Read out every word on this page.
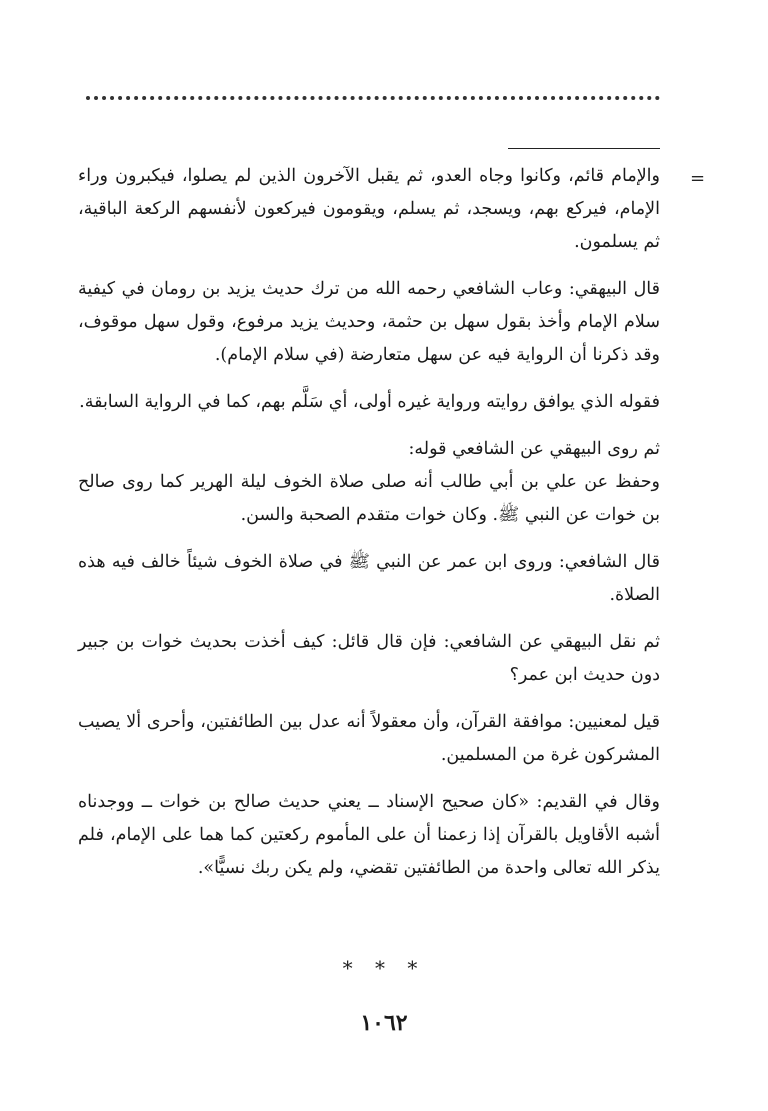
=

والإمام قائم، وكانوا وجاه العدو، ثم يقبل الآخرون الذين لم يصلوا، فيكبرون وراء الإمام، فيركع بهم، ويسجد، ثم يسلم، ويقومون فيركعون لأنفسهم الركعة الباقية، ثم يسلمون.

قال البيهقي: وعاب الشافعي رحمه الله من ترك حديث يزيد بن رومان في كيفية سلام الإمام وأخذ بقول سهل بن حثمة، وحديث يزيد مرفوع، وقول سهل موقوف، وقد ذكرنا أن الرواية فيه عن سهل متعارضة (في سلام الإمام).

فقوله الذي يوافق روايته ورواية غيره أولى، أي سَلَّم بهم، كما في الرواية السابقة.

ثم روى البيهقي عن الشافعي قوله:
وحفظ عن علي بن أبي طالب أنه صلى صلاة الخوف ليلة الهرير كما روى صالح بن خوات عن النبي ﷺ. وكان خوات متقدم الصحبة والسن.

قال الشافعي: وروى ابن عمر عن النبي ﷺ في صلاة الخوف شيئاً خالف فيه هذه الصلاة.

ثم نقل البيهقي عن الشافعي: فإن قال قائل: كيف أخذت بحديث خوات بن جبير دون حديث ابن عمر؟

قيل لمعنيين: موافقة القرآن، وأن معقولاً أنه عدل بين الطائفتين، وأحرى ألا يصيب المشركون غرة من المسلمين.

وقال في القديم: «كان صحيح الإسناد ــ يعني حديث صالح بن خوات ــ ووجدناه أشبه الأقاويل بالقرآن إذا زعمنا أن على المأموم ركعتين كما هما على الإمام، فلم يذكر الله تعالى واحدة من الطائفتين تقضي، ولم يكن ربك نسيًّا».

* * *
١٠٦٢
